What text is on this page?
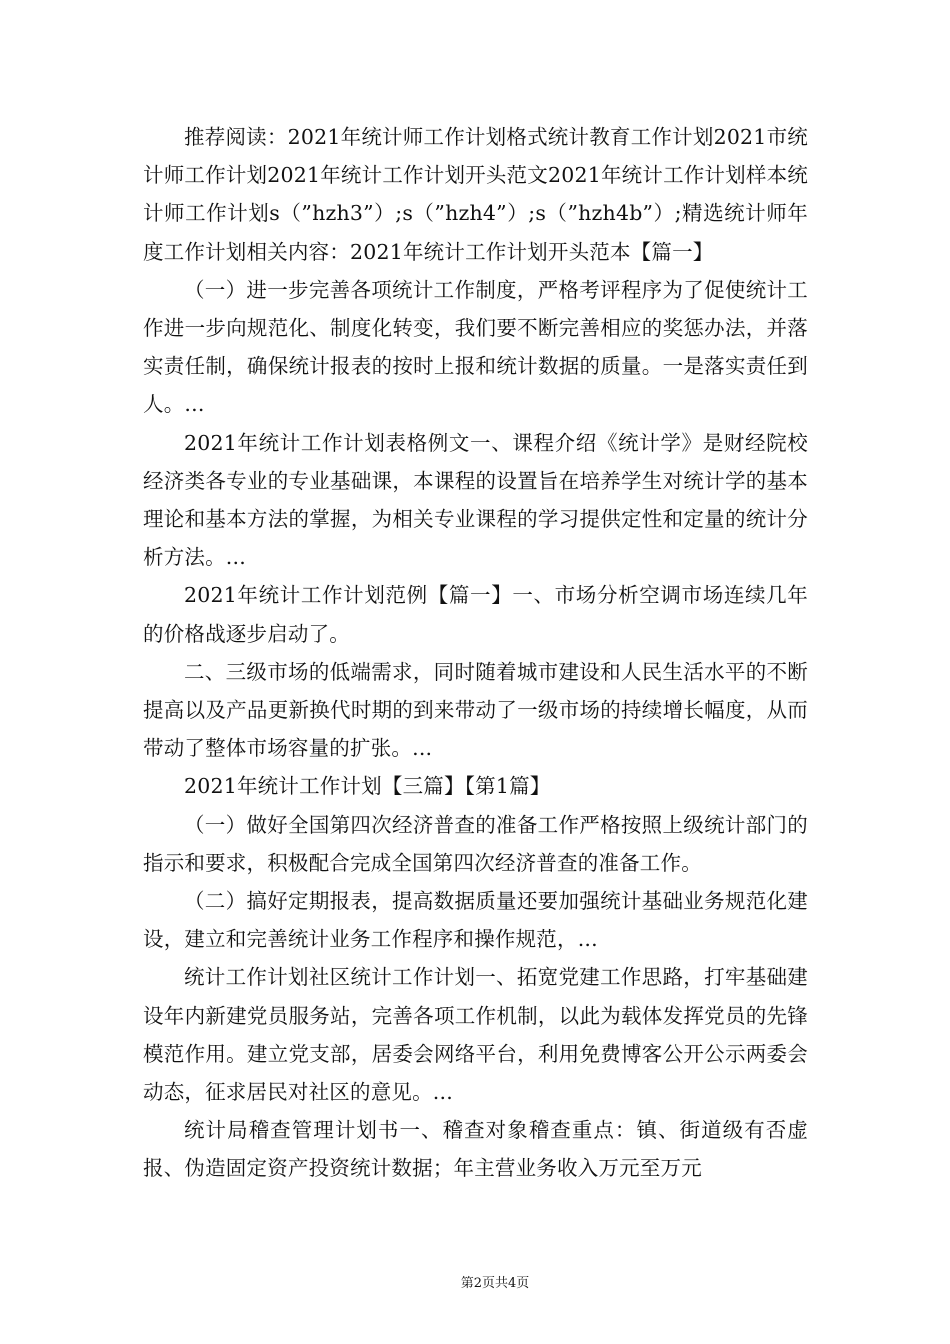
推荐阅读：2021年统计师工作计划格式统计教育工作计划2021市统计师工作计划2021年统计工作计划开头范文2021年统计工作计划样本统计师工作计划s（”hzh3”）;s（”hzh4”）;s（”hzh4b”）;精选统计师年度工作计划相关内容：2021年统计工作计划开头范本【篇一】

（一）进一步完善各项统计工作制度，严格考评程序为了促使统计工作进一步向规范化、制度化转变，我们要不断完善相应的奖惩办法，并落实责任制，确保统计报表的按时上报和统计数据的质量。一是落实责任到人。...

2021年统计工作计划表格例文一、课程介绍《统计学》是财经院校经济类各专业的专业基础课，本课程的设置旨在培养学生对统计学的基本理论和基本方法的掌握，为相关专业课程的学习提供定性和定量的统计分析方法。...

2021年统计工作计划范例【篇一】一、市场分析空调市场连续几年的价格战逐步启动了。

二、三级市场的低端需求，同时随着城市建设和人民生活水平的不断提高以及产品更新换代时期的到来带动了一级市场的持续增长幅度，从而带动了整体市场容量的扩张。...

2021年统计工作计划【三篇】【第1篇】

（一）做好全国第四次经济普查的准备工作严格按照上级统计部门的指示和要求，积极配合完成全国第四次经济普查的准备工作。

（二）搞好定期报表，提高数据质量还要加强统计基础业务规范化建设，建立和完善统计业务工作程序和操作规范，...

统计工作计划社区统计工作计划一、拓宽党建工作思路，打牢基础建设年内新建党员服务站，完善各项工作机制，以此为载体发挥党员的先锋模范作用。建立党支部，居委会网络平台，利用免费博客公开公示两委会动态，征求居民对社区的意见。...

统计局稽查管理计划书一、稽查对象稽查重点：镇、街道级有否虚报、伪造固定资产投资统计数据；年主营业务收入万元至万元

第2页共4页
